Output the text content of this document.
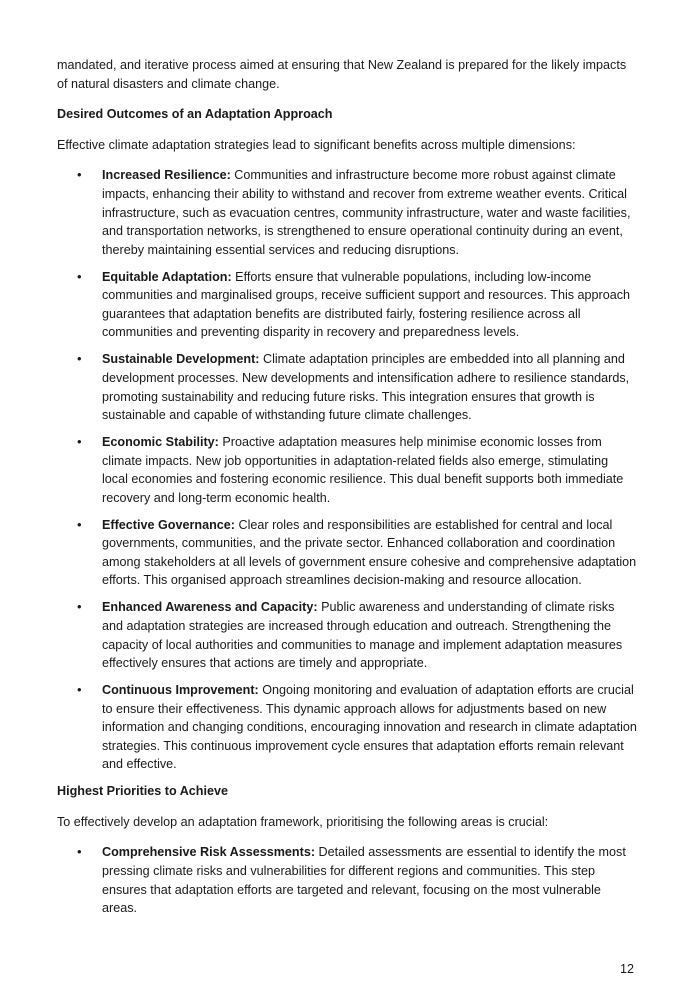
mandated, and iterative process aimed at ensuring that New Zealand is prepared for the likely impacts of natural disasters and climate change.

Desired Outcomes of an Adaptation Approach

Effective climate adaptation strategies lead to significant benefits across multiple dimensions:

• Increased Resilience: Communities and infrastructure become more robust against climate impacts, enhancing their ability to withstand and recover from extreme weather events. Critical infrastructure, such as evacuation centres, community infrastructure, water and waste facilities, and transportation networks, is strengthened to ensure operational continuity during an event, thereby maintaining essential services and reducing disruptions.
• Equitable Adaptation: Efforts ensure that vulnerable populations, including low-income communities and marginalised groups, receive sufficient support and resources. This approach guarantees that adaptation benefits are distributed fairly, fostering resilience across all communities and preventing disparity in recovery and preparedness levels.
• Sustainable Development: Climate adaptation principles are embedded into all planning and development processes. New developments and intensification adhere to resilience standards, promoting sustainability and reducing future risks. This integration ensures that growth is sustainable and capable of withstanding future climate challenges.
• Economic Stability: Proactive adaptation measures help minimise economic losses from climate impacts. New job opportunities in adaptation-related fields also emerge, stimulating local economies and fostering economic resilience. This dual benefit supports both immediate recovery and long-term economic health.
• Effective Governance: Clear roles and responsibilities are established for central and local governments, communities, and the private sector. Enhanced collaboration and coordination among stakeholders at all levels of government ensure cohesive and comprehensive adaptation efforts. This organised approach streamlines decision-making and resource allocation.
• Enhanced Awareness and Capacity: Public awareness and understanding of climate risks and adaptation strategies are increased through education and outreach. Strengthening the capacity of local authorities and communities to manage and implement adaptation measures effectively ensures that actions are timely and appropriate.
• Continuous Improvement: Ongoing monitoring and evaluation of adaptation efforts are crucial to ensure their effectiveness. This dynamic approach allows for adjustments based on new information and changing conditions, encouraging innovation and research in climate adaptation strategies. This continuous improvement cycle ensures that adaptation efforts remain relevant and effective.

Highest Priorities to Achieve

To effectively develop an adaptation framework, prioritising the following areas is crucial:

• Comprehensive Risk Assessments: Detailed assessments are essential to identify the most pressing climate risks and vulnerabilities for different regions and communities. This step ensures that adaptation efforts are targeted and relevant, focusing on the most vulnerable areas.
12
